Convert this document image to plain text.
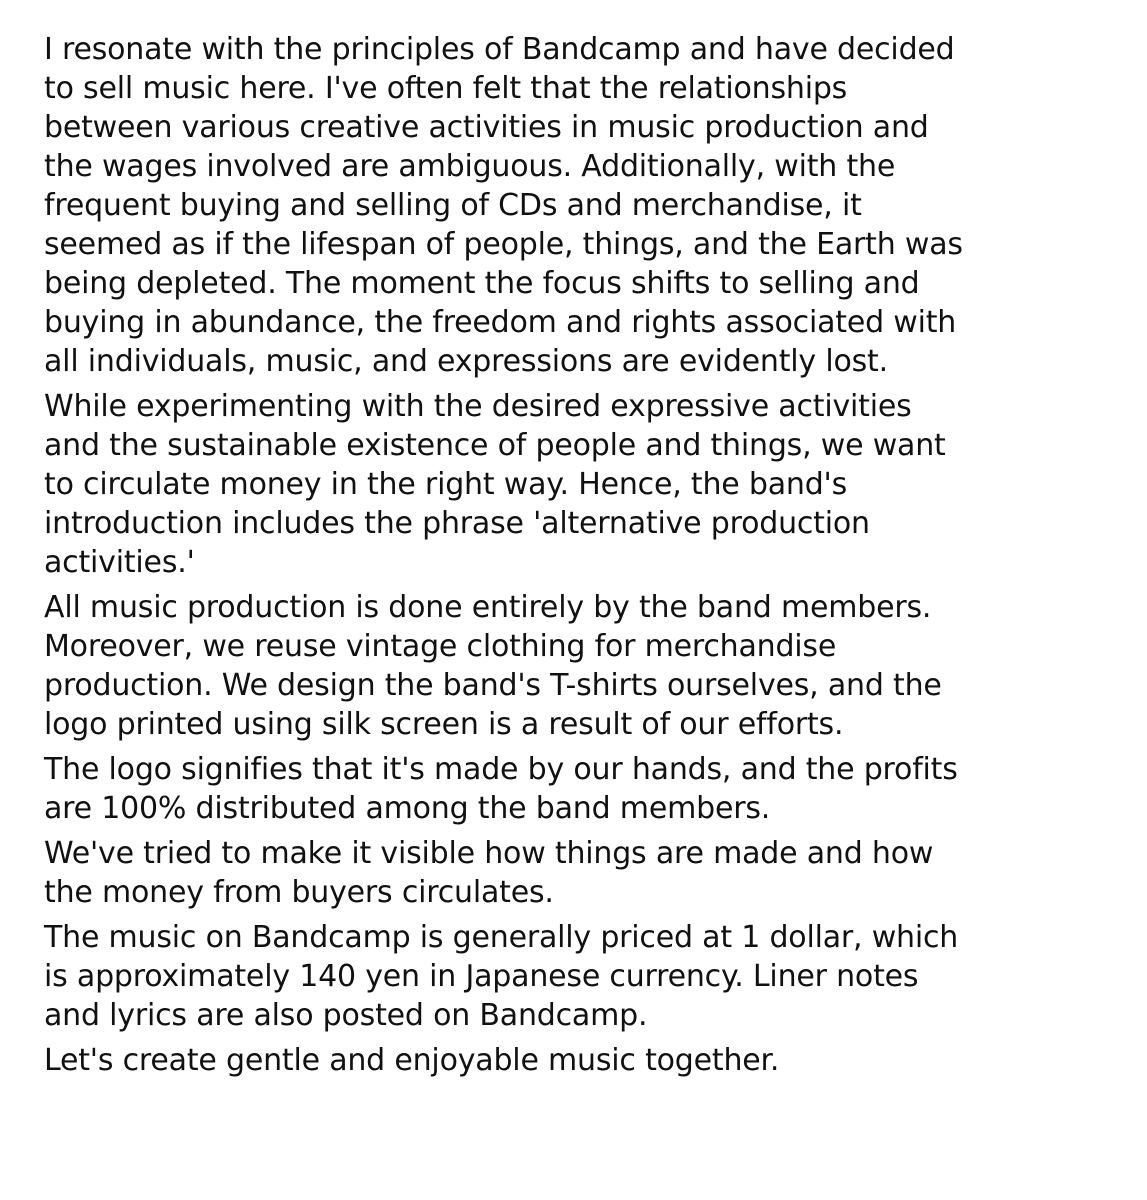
I resonate with the principles of Bandcamp and have decided
to sell music here. I've often felt that the relationships
between various creative activities in music production and
the wages involved are ambiguous. Additionally, with the
frequent buying and selling of CDs and merchandise, it
seemed as if the lifespan of people, things, and the Earth was
being depleted. The moment the focus shifts to selling and
buying in abundance, the freedom and rights associated with
all individuals, music, and expressions are evidently lost.

While experimenting with the desired expressive activities
and the sustainable existence of people and things, we want
to circulate money in the right way. Hence, the band's
introduction includes the phrase 'alternative production
activities.'

All music production is done entirely by the band members.
Moreover, we reuse vintage clothing for merchandise
production. We design the band's T-shirts ourselves, and the
logo printed using silk screen is a result of our efforts.

The logo signifies that it's made by our hands, and the profits
are 100% distributed among the band members.

We've tried to make it visible how things are made and how
the money from buyers circulates.

The music on Bandcamp is generally priced at 1 dollar, which
is approximately 140 yen in Japanese currency. Liner notes
and lyrics are also posted on Bandcamp.

Let's create gentle and enjoyable music together.
